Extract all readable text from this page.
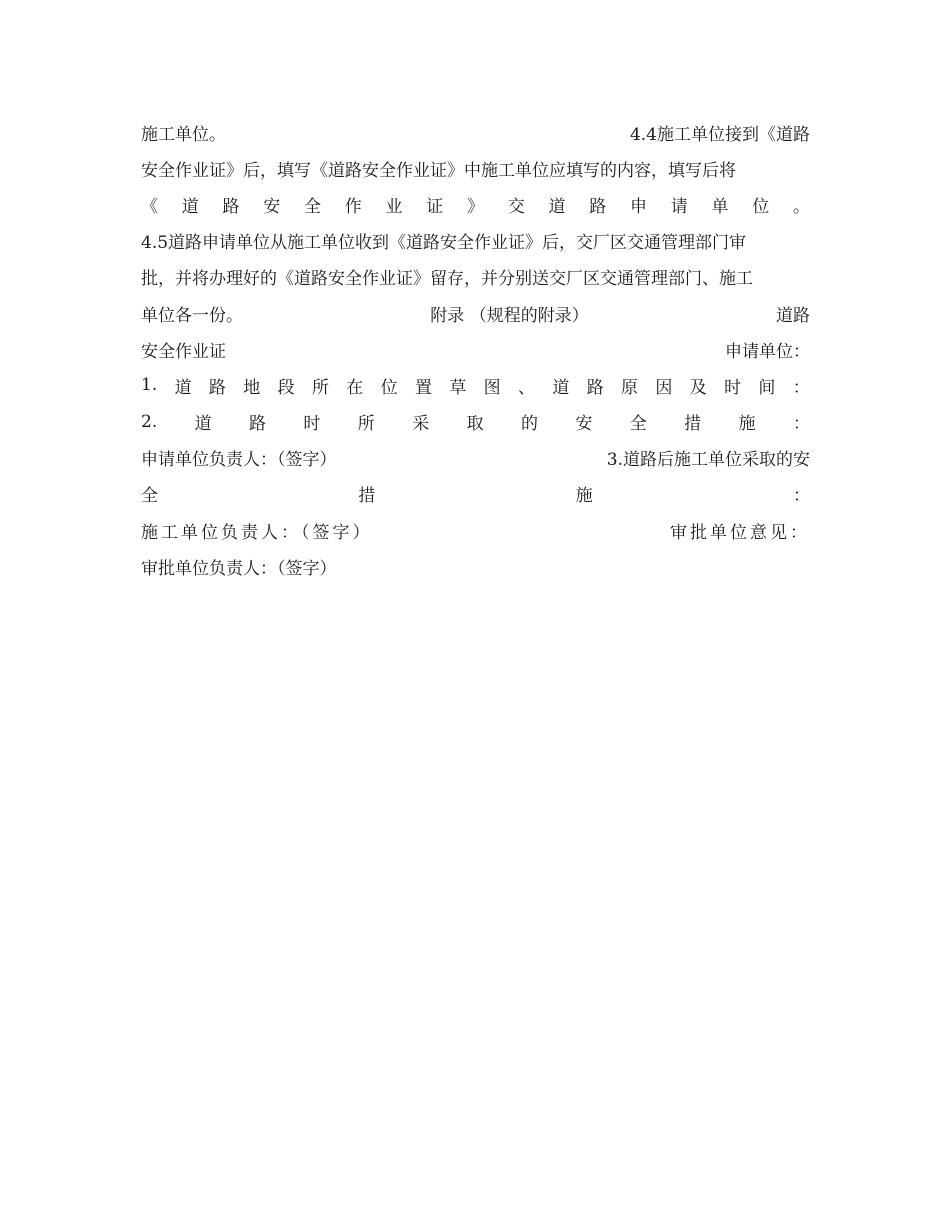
施工单位。	4.4施工单位接到《道路
安全作业证》后，填写《道路安全作业证》中施工单位应填写的内容，填写后将
《 道 路 安 全 作 业 证 》 交 道 路 申 请 单 位 。
4.5道路申请单位从施工单位收到《道路安全作业证》后，交厂区交通管理部门审
批，并将办理好的《道路安全作业证》留存，并分别送交厂区交通管理部门、施工
单位各一份。	附录 （规程的附录）	道路
安全作业证	申请单位：
1. 道 路 地 段 所 在 位 置 草 图 、 道 路 原 因 及 时 间 ：
2. 道 路 时 所 采 取 的 安 全 措 施 ：
申请单位负责人：（签字）	3.道路后施工单位采取的安
全	措	施	：
施工单位负责人：（签字）	审批单位意见：
审批单位负责人：（签字）
